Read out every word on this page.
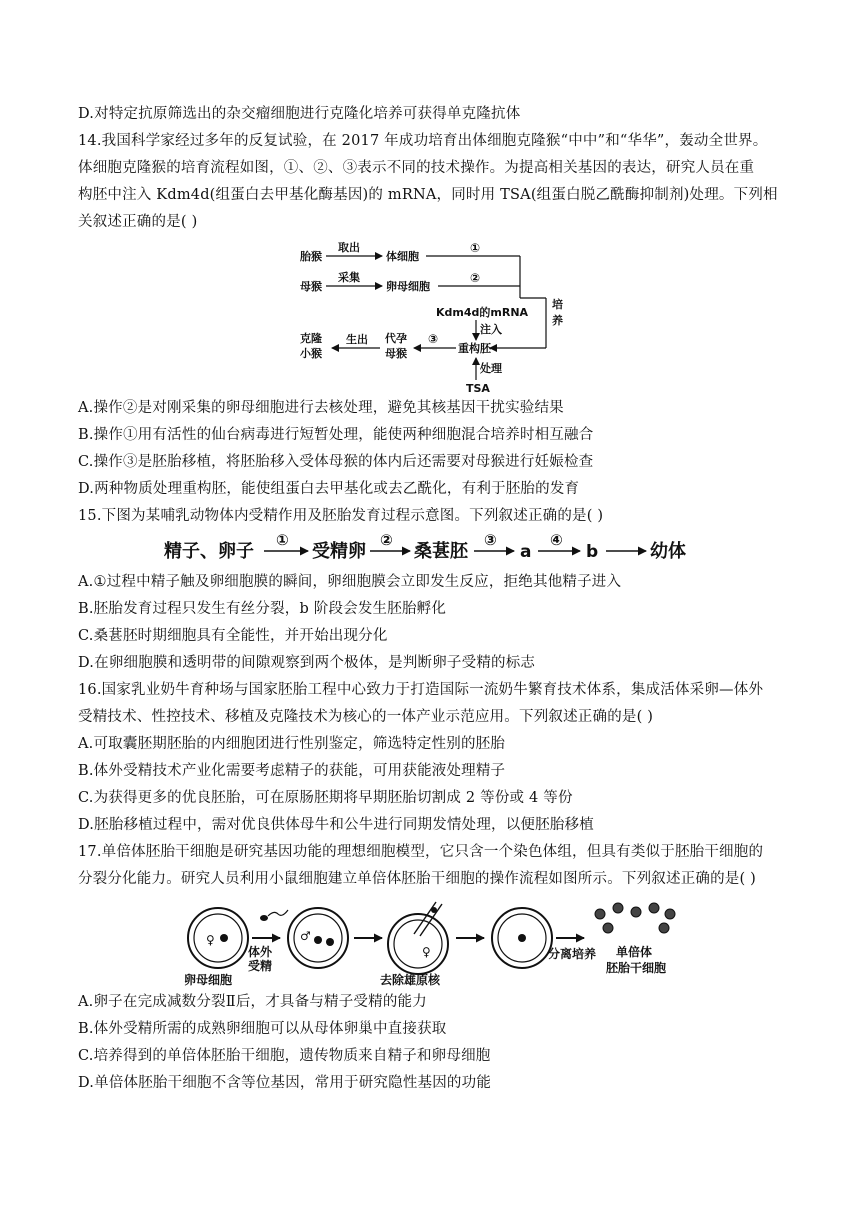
D.对特定抗原筛选出的杂交瘤细胞进行克隆化培养可获得单克隆抗体
14.我国科学家经过多年的反复试验，在 2017 年成功培育出体细胞克隆猴“中中”和“华华”，轰动全世界。
体细胞克隆猴的培育流程如图，①、②、③表示不同的技术操作。为提高相关基因的表达，研究人员在重
构胚中注入 Kdm4d(组蛋白去甲基化酶基因)的 mRNA，同时用 TSA(组蛋白脱乙酰酶抑制剂)处理。下列相
关叙述正确的是( )
胎猴
取出
体细胞
①
母猴
采集
卵母细胞
②
培
养
Kdm4d的mRNA
注入
克隆
小猴
生出 代孕
母猴
③
重构胚
处理
TSA
A.操作②是对刚采集的卵母细胞进行去核处理，避免其核基因干扰实验结果
B.操作①用有活性的仙台病毒进行短暂处理，能使两种细胞混合培养时相互融合
C.操作③是胚胎移植，将胚胎移入受体母猴的体内后还需要对母猴进行妊娠检查
D.两种物质处理重构胚，能使组蛋白去甲基化或去乙酰化，有利于胚胎的发育
15.下图为某哺乳动物体内受精作用及胚胎发育过程示意图。下列叙述正确的是( )
精子、卵子
①
受精卵
②
桑葚胚
③
a
④
b	幼体
A.①过程中精子触及卵细胞膜的瞬间，卵细胞膜会立即发生反应，拒绝其他精子进入
B.胚胎发育过程只发生有丝分裂，b 阶段会发生胚胎孵化
C.桑葚胚时期细胞具有全能性，并开始出现分化
D.在卵细胞膜和透明带的间隙观察到两个极体，是判断卵子受精的标志
16.国家乳业奶牛育种场与国家胚胎工程中心致力于打造国际一流奶牛繁育技术体系，集成活体采卵—体外
受精技术、性控技术、移植及克隆技术为核心的一体产业示范应用。下列叙述正确的是( )
A.可取囊胚期胚胎的内细胞团进行性别鉴定，筛选特定性别的胚胎
B.体外受精技术产业化需要考虑精子的获能，可用获能液处理精子
C.为获得更多的优良胚胎，可在原肠胚期将早期胚胎切割成 2 等份或 4 等份
D.胚胎移植过程中，需对优良供体母牛和公牛进行同期发情处理，以便胚胎移植
17.单倍体胚胎干细胞是研究基因功能的理想细胞模型，它只含一个染色体组，但具有类似于胚胎干细胞的
分裂分化能力。研究人员利用小鼠细胞建立单倍体胚胎干细胞的操作流程如图所示。下列叙述正确的是( )
♀
卵母细胞
体外
受精
♂
♀
去除雄原核
分离培养 单倍体
胚胎干细胞
A.卵子在完成减数分裂Ⅱ后，才具备与精子受精的能力
B.体外受精所需的成熟卵细胞可以从母体卵巢中直接获取
C.培养得到的单倍体胚胎干细胞，遗传物质来自精子和卵母细胞
D.单倍体胚胎干细胞不含等位基因，常用于研究隐性基因的功能
